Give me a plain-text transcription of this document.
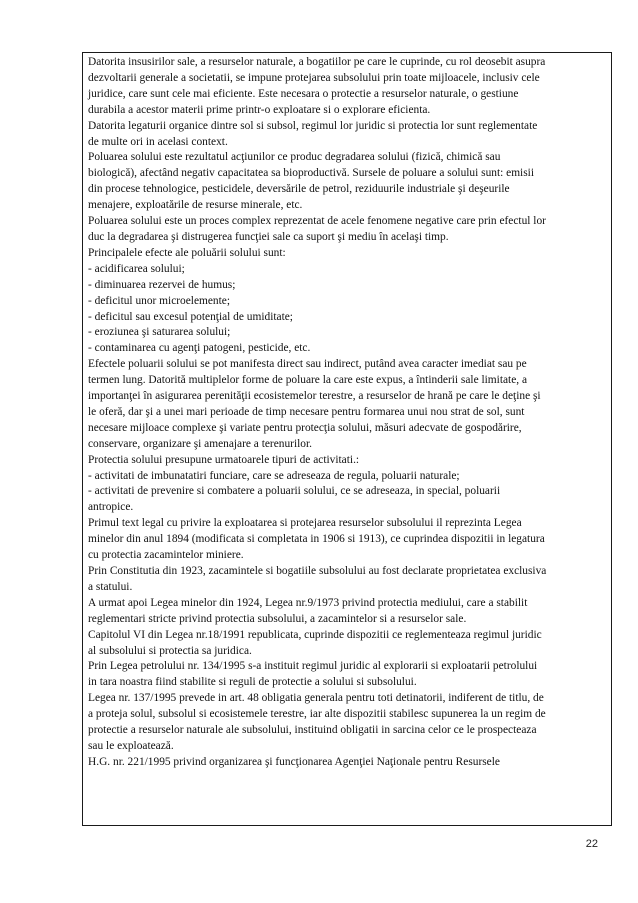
Datorita insusirilor sale, a resurselor naturale, a bogatiilor pe care le cuprinde, cu rol deosebit asupra
dezvoltarii generale a societatii, se impune protejarea subsolului prin toate mijloacele, inclusiv cele
juridice, care sunt cele mai eficiente. Este necesara o protectie a resurselor naturale, o gestiune
durabila a acestor materii prime printr-o exploatare si o explorare eficienta.
Datorita legaturii organice dintre sol si subsol, regimul lor juridic si protectia lor sunt reglementate
de multe ori in acelasi context.
Poluarea solului este rezultatul acţiunilor ce produc degradarea solului (fizică, chimică sau
biologică), afectând negativ capacitatea sa bioproductivă. Sursele de poluare a solului sunt: emisii
din procese tehnologice, pesticidele, deversările de petrol, reziduurile industriale şi deşeurile
menajere, exploatările de resurse minerale, etc.
Poluarea solului este un proces complex reprezentat de acele fenomene negative care prin efectul lor
duc la degradarea şi distrugerea funcţiei sale ca suport şi mediu în acelaşi timp.
Principalele efecte ale poluării solului sunt:
- acidificarea solului;
- diminuarea rezervei de humus;
- deficitul unor microelemente;
- deficitul sau excesul potenţial de umiditate;
- eroziunea şi saturarea solului;
- contaminarea cu agenţi patogeni, pesticide, etc.
Efectele poluarii solului se pot manifesta direct sau indirect, putând avea caracter imediat sau pe
termen lung. Datorită multiplelor forme de poluare la care este expus, a întinderii sale limitate, a
importanţei în asigurarea perenităţii ecosistemelor terestre, a resurselor de hrană pe care le deţine şi
le oferă, dar şi a unei mari perioade de timp necesare pentru formarea unui nou strat de sol, sunt
necesare mijloace complexe şi variate pentru protecţia solului, măsuri adecvate de gospodărire,
conservare, organizare şi amenajare a terenurilor.
Protectia solului presupune urmatoarele tipuri de activitati.:
- activitati de imbunatatiri funciare, care se adreseaza de regula, poluarii naturale;
- activitati de prevenire si combatere a poluarii solului, ce se adreseaza, in special, poluarii
antropice.
Primul text legal cu privire la exploatarea si protejarea resurselor subsolului il reprezinta Legea
minelor din anul 1894 (modificata si completata in 1906 si 1913), ce cuprindea dispozitii in legatura
cu protectia zacamintelor miniere.
Prin Constitutia din 1923, zacamintele si bogatiile subsolului au fost declarate proprietatea exclusiva
a statului.
A urmat apoi Legea minelor din 1924, Legea nr.9/1973 privind protectia mediului, care a stabilit
reglementari stricte privind protectia subsolului, a zacamintelor si a resurselor sale.
Capitolul VI din Legea nr.18/1991 republicata, cuprinde dispozitii ce reglementeaza regimul juridic
al subsolului si protectia sa juridica.
Prin Legea petrolului nr. 134/1995 s-a instituit regimul juridic al explorarii si exploatarii petrolului
in tara noastra fiind stabilite si reguli de protectie a solului si subsolului.
Legea nr. 137/1995 prevede in art. 48 obligatia generala pentru toti detinatorii, indiferent de titlu, de
a proteja solul, subsolul si ecosistemele terestre, iar alte dispozitii stabilesc supunerea la un regim de
protectie a resurselor naturale ale subsolului, instituind obligatii in sarcina celor ce le prospecteaza
sau le exploatează.
H.G. nr. 221/1995 privind organizarea şi funcţionarea Agenţiei Naţionale pentru Resurselе
22
